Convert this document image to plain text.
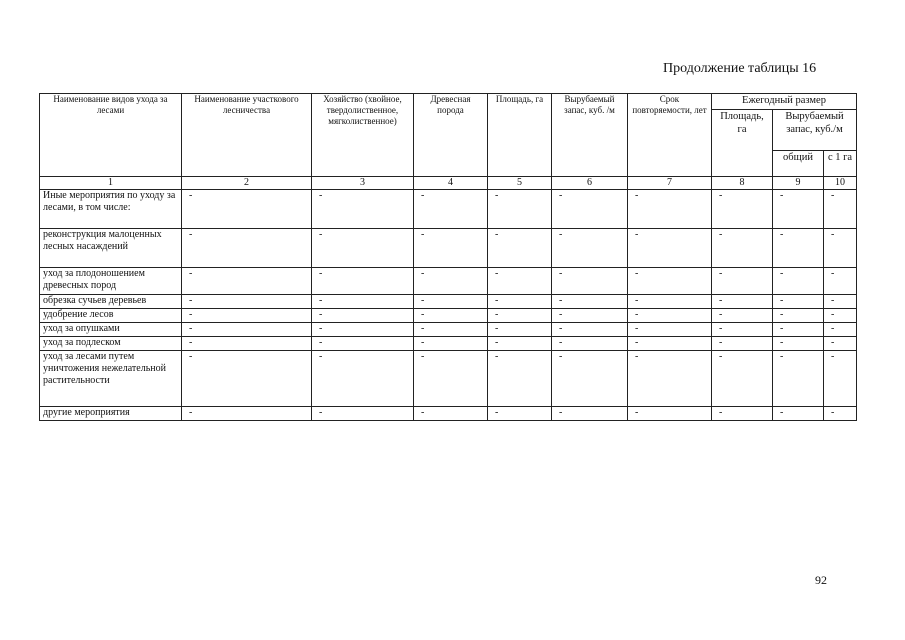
Продолжение таблицы 16
Наименование видов ухода за лесами	Наименование участкового лесничества	Хозяйство (хвойное, твердолиственное, мягколиственное)	Древесная порода	Площадь, га	Вырубаемый запас, куб. /м	Срок повторяемости, лет	Ежегодный размер		
							Площадь, га	Вырубаемый запас, куб./м	
								общий	с 1 га
1	2	3	4	5	6	7	8	9	10
Иные мероприятия по уходу за лесами, в том числе:	-	-	-	-	-	-	-	-	-
реконструкция малоценных лесных насаждений	-	-	-	-	-	-	-	-	-
уход за плодоношением древесных пород	-	-	-	-	-	-	-	-	-
обрезка сучьев деревьев	-	-	-	-	-	-	-	-	-
удобрение лесов	-	-	-	-	-	-	-	-	-
уход за опушками	-	-	-	-	-	-	-	-	-
уход за подлеском	-	-	-	-	-	-	-	-	-
уход за лесами путем уничтожения нежелательной растительности	-	-	-	-	-	-	-	-	-
другие мероприятия	-	-	-	-	-	-	-	-	-
92
